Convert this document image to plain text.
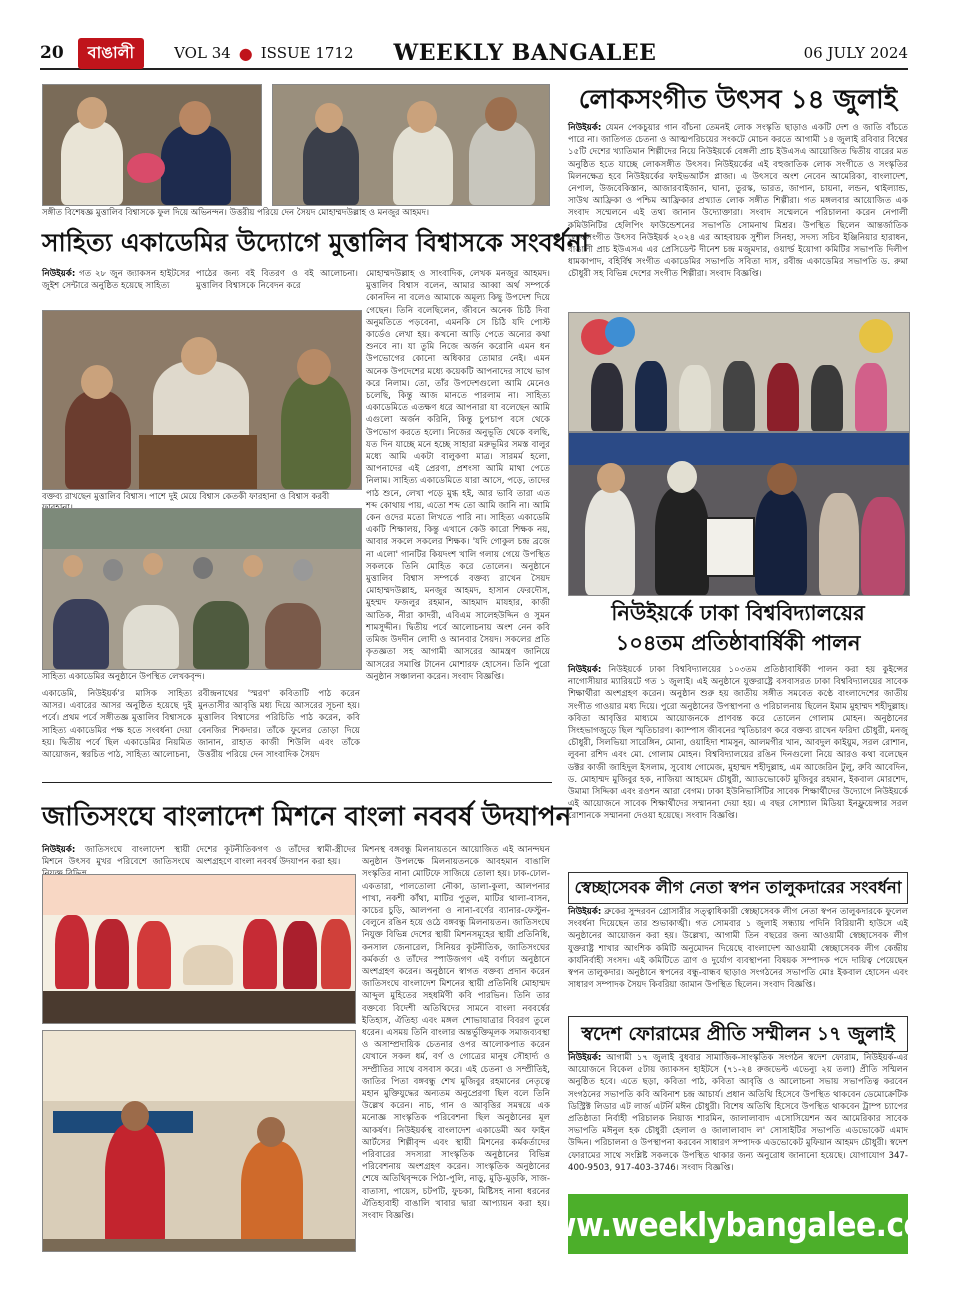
20	বাঙালী	VOL 34 ● ISSUE 1712 WEEKLY BANGALEE	06 JULY 2024
সঙ্গীত বিশেষজ্ঞ মুত্তালিব বিশ্বাসকে ফুল দিয়ে অভিনন্দন। উত্তরীয় পরিয়ে দেন সৈয়দ মোহাম্মদউল্লাহ ও মনজুর আহমদ।
সাহিত্য একাডেমির উদ্যোগে মুত্তালিব বিশ্বাসকে সংবর্ধনা
নিউইয়র্ক: গত ২৮ জুন জ্যাকসন হাইটসের জুইশ সেন্টারে অনুষ্ঠিত হয়েছে সাহিত্য
পাঠের জন্য বই বিতরণ ও বই আলোচনা। মুত্তালিব বিশ্বাসকে নিবেদন করে
বক্তব্য রাখছেন মুত্তালিব বিশ্বাস। পাশে দুই মেয়ে বিশ্বাস কেতকী ফারহানা ও বিশ্বাস করবী
সাহিত্য একাডেমির অনুষ্ঠানে উপস্থিত লেখকবৃন্দ।
মোহাম্মদউল্লাহ ও সাংবাদিক, লেখক মনজুর আহমদ। মুত্তালিব বিশ্বাস বলেন, আমার আব্বা অর্থ সম্পর্কে কোনদিন না বলেও আমাকে অমূল্য কিছু উপদেশ দিয়ে গেছেন। তিনি বলেছিলেন, জীবনে অনেক চিঠি দিবা অনুমতিতে পড়বেনা, এমনকি সে চিঠি যদি পোস্ট কার্ডেও লেখা হয়। কখনো আড়ি পেতে অন্যের কথা শুনবে না। যা তুমি নিজে অর্জন করোনি এমন ধন উপভোগের কোনো অধিকার তোমার নেই। এমন অনেক উপদেশের মধ্যে কয়েকটি আপনাদের সাথে ভাগ করে নিলাম। তো, তাঁর উপদেশগুলো আমি মেনেও চলেছি, কিন্তু আজ মানতে পারলাম না। সাহিত্য একাডেমিতে এতক্ষণ ধরে আপনারা যা বলেছেন আমি এগুলো অর্জন করিনি, কিন্তু চুপচাপ বসে থেকে উপভোগ করতে হলো। নিজের অনুভূতি থেকে বলছি, যত দিন যাচ্ছে মনে হচ্ছে সাহারা মরুভূমির সমস্ত বালুর মধ্যে আমি একটা বালুকণা মাত্র। সারমর্ম হলো, আপনাদের এই প্রেরণা, প্রশংসা আমি মাথা পেতে নিলাম। সাহিত্য একাডেমিতে যারা আসে, পড়ে, তাদের পাঠ শুনে, লেখা পড়ে মুগ্ধ হই, আর ভাবি তারা এত শব্দ কোথায় পায়, এতো শব্দ তো আমি জানি না। আমি কেন ওদের মতো লিখতে পারি না। সাহিত্য একাডেমি একটি শিক্ষালয়, কিন্তু এখানে কেউ কারো শিক্ষক নয়, আবার সকলে সকলের শিক্ষক। 'যদি গোকুল চন্দ্র ব্রজে না এলো' গানটির কিয়দংশ খালি গলায় গেয়ে উপস্থিত সকলকে তিনি মোহিত করে তোলেন। অনুষ্ঠানে মুত্তালিব বিশ্বাস সম্পর্কে বক্তব্য রাখেন সৈয়দ মোহাম্মদউল্লাহ, মনজুর আহমদ, হাসান ফেরদৌস, মুহম্মদ ফজলুর রহমান, আহমাদ মাযহার, কাজী আতিক, নীরা কাদরী, এবিএম সালেহউদ্দিন ও সুমন শামসুদ্দীন। দ্বিতীয় পর্বে আলোচনায় অংশ নেন কবি তমিজ উদদীন লোদী ও আনবার সৈয়দ। সকলের প্রতি কৃতজ্ঞতা সহ আগামী আসরের আমন্ত্রণ জানিয়ে আসরের সমাপ্তি টানেন মোশারফ হোসেন। তিনি পুরো অনুষ্ঠান সঞ্চালনা করেন। সংবাদ বিজ্ঞপ্তি।
একাডেমি, নিউইয়র্ক'র মাসিক সাহিত্য আসর। এবারের আসর অনুষ্ঠিত হয়েছে দুই পর্বে। প্রথম পর্বে সঙ্গীতজ্ঞ মুত্তালিব বিশ্বাসকে সাহিত্য একাডেমির পক্ষ হতে সংবর্ধনা দেয়া হয়। দ্বিতীয় পর্বে ছিল একাডেমির নিয়মিত আয়োজন, স্বরচিত পাঠ, সাহিত্য আলোচনা,
রবীন্দ্রনাথের 'স্মরণ' কবিতাটি পাঠ করেন মুনতাসীর আবৃত্তি মধ্য দিয়ে আসরের সূচনা হয়। মুত্তালিব বিশ্বাসের পরিচিতি পাঠ করেন, কবি বেনজির শিকদার। তাঁকে ফুলের তোড়া দিয়ে জানান, রাহাত কাজী শিউলি এবং তাঁকে উত্তরীয় পরিয়ে দেন সাংবাদিক সৈয়দ
জাতিসংঘে বাংলাদেশ মিশনে বাংলা নববর্ষ উদযাপন
নিউইয়র্ক: জাতিসংঘে বাংলাদেশ স্থায়ী মিশনে উৎসব মুখর পরিবেশে জাতিসংঘে
দেশের কূটনীতিকগণ ও তাঁদের স্বামী-স্ত্রীদের অংশগ্রহণে বাংলা নববর্ষ উদযাপন করা হয়।
মিশনস্থ বঙ্গবন্ধু মিলনায়তনে আয়োজিত এই আনন্দঘন অনুষ্ঠান উপলক্ষে মিলনায়তনকে আবহমান বাঙালি সংস্কৃতির নানা মোটিফে সাজিয়ে তোলা হয়। ঢাক-ঢোল-একতারা, পালতোলা নৌকা, ডালা-কুলা, আলপনার পাখা, নকশী কাঁথা, মাটির পুতুল, মাটির থালা-বাসন, কাচের চুড়ি, আলপনা ও নানা-বর্ণের ব্যানার-ফেস্টুন-বেলুনে রঙিন হয়ে ওঠে বঙ্গবন্ধু মিলনায়তন। জাতিসংঘে নিযুক্ত বিভিন্ন দেশের স্থায়ী মিশনসমূহের স্থায়ী প্রতিনিধি, কনসাল জেনারেল, সিনিয়র কূটনীতিক, জাতিসংঘের কর্মকর্তা ও তাঁদের স্পাউজগণ এই বর্ণাঢ্য অনুষ্ঠানে অংশগ্রহণ করেন। অনুষ্ঠানে স্বাগত বক্তব্য প্রদান করেন জাতিসংঘে বাংলাদেশ মিশনের স্থায়ী প্রতিনিধি মোহাম্মদ আব্দুল মুহিতের সহধর্মিণী কবি পারভিন। তিনি তার বক্তব্যে বিদেশী অতিথিদের সামনে বাংলা নববর্ষের ইতিহাস, ঐতিহ্য এবং মঙ্গল শোভাযাত্রার বিবরণ তুলে ধরেন। এসময় তিনি বাংলার অন্তর্ভুক্তিমূলক সমাজব্যবস্থা ও অসাম্প্রদায়িক চেতনার ওপর আলোকপাত করেন যেখানে সকল ধর্ম, বর্ণ ও গোত্রের মানুষ সৌহার্দ্য ও সম্প্রীতির সাথে বসবাস করে। এই চেতনা ও সম্প্রীতিই, জাতির পিতা বঙ্গবন্ধু শেখ মুজিবুর রহমানের নেতৃত্বে মহান মুক্তিযুদ্ধের অন্যতম অনুপ্রেরণা ছিল বলে তিনি উল্লেখ করেন। নাচ, গান ও আবৃত্তির সমন্বয়ে এক মনোজ্ঞ সাংস্কৃতিক পরিবেশনা ছিল অনুষ্ঠানের মূল আকর্ষণ। নিউইয়র্কস্থ বাংলাদেশ একাডেমী অব ফাইন আর্টসের শিল্পীবৃন্দ এবং স্থায়ী মিশনের কর্মকর্তাদের পরিবারের সদস্যরা সাংস্কৃতিক অনুষ্ঠানের বিভিন্ন পরিবেশনায় অংশগ্রহণ করেন। সাংস্কৃতিক অনুষ্ঠানের শেষে অতিথিবৃন্দকে পিঠা-পুলি, নাড়ু, মুড়ি-মুড়কি, সাজ-বাতাসা, পায়েস, চটপটি, ফুচকা, মিষ্টিসহ নানা ধরনের ঐতিহ্যবাহী বাঙালি খাবার দ্বারা আপ্যায়ন করা হয়। সংবাদ বিজ্ঞপ্তি।
লোকসংগীত উৎসব ১৪ জুলাই
নিউইয়র্ক: যেমন পেকচুয়ার গান বাঁচনা তেমনই লোক সংস্কৃতি ছাড়াও একটি দেশ ও জাতি বাঁচতে পারে না। জাতিগত চেতনা ও আত্মপরিচয়ের সংকটে মোচন করতে আগামী ১৪ জুলাই রবিবার বিশ্বের ১৫টি দেশের খ্যাতিমান শিল্পীদের নিয়ে নিউইয়র্কে বেঙ্গলী প্রাচ ইউএসএ আয়োজিত দ্বিতীয় বারের মত অনুষ্ঠিত হতে যাচ্ছে লোকসঙ্গীত উৎসব। নিউইয়র্কের এই বহুজাতিক লোক সংগীতে ও সংস্কৃতির মিলনক্ষেত্র হবে নিউইয়র্কের ফাইভআর্টস প্লাজা। এ উৎসবে অংশ নেবেন আমেরিকা, বাংলাদেশ, নেপাল, উজবেকিস্তান, আজারবাইজান, ঘানা, তুরস্ক, ভারত, জাপান, চায়না, লন্ডন, থাইল্যান্ড, সাউথ আফ্রিকা ও পশ্চিম আফ্রিকার প্রখ্যাত লোক সঙ্গীত শিল্পীরা। গত মঙ্গলবার আয়োজিত এক সংবাদ সম্মেলনে এই তথ্য জানান উদ্যোক্তারা। সংবাদ সম্মেলনে পরিচালনা করেন নেপালী কমিউনিটির হেলিপিং ফাউন্ডেশনের সভাপতি সোমনাথ মিশ্রর। উপস্থিত ছিলেন আন্তর্জাতিক লোকসংগীত উৎসব নিউইয়র্ক ২০২৪ এর আহবায়ক সুশীল সিনহা, সদস্য সচিব ইঞ্জিনিয়ার হারাধন, বাঙালী প্রাচ ইউএসএ এর প্রেসিডেন্ট দীনেশ চন্দ্র মজুমদার, ওয়ার্ল্ড ইয়োগা কমিটির সভাপতি দিলীপ ধামকাপাদ, বহির্বিশ্ব সংগীত একাডেমির সভাপতি সবিতা দাস, রবীন্দ্র একাডেমির সভাপতি ড. রুমা চৌধুরী সহ বিভিন্ন দেশের সংগীত শিল্পীরা। সংবাদ বিজ্ঞপ্তি।
নিউইয়র্কে ঢাকা বিশ্ববিদ্যালয়ের
১০৪তম প্রতিষ্ঠাবার্ষিকী পালন
নিউইয়র্ক: নিউইয়র্কে ঢাকা বিশ্ববিদ্যালয়ের ১০৩তম প্রতিষ্ঠাবার্ষিকী পালন করা হয় কুইন্সের নাগোসীয়ার ম্যারিয়টে গত ১ জুলাই। এই অনুষ্ঠানে যুক্তরাষ্ট্রে বসবাসরত ঢাকা বিশ্ববিদ্যালয়ের সাবেক শিক্ষার্থীরা অংশগ্রহণ করেন। অনুষ্ঠান শুরু হয় জাতীয় সঙ্গীত সমবেত কণ্ঠে বাংলাদেশের জাতীয় সংগীত গাওয়ার মধ্য দিয়ে। পুরো অনুষ্ঠানের উপস্থাপনা ও পরিচালনায় ছিলেন ইমাম মুহাম্মদ শহীদুল্লাহ। কবিতা আবৃত্তির মাধ্যমে আয়োজনকে প্রাণবন্ত করে তোলেন গোলাম মোহন। অনুষ্ঠানের সিংহভাগজুড়ে ছিল স্মৃতিচারণ। ক্যাম্পাস জীবনের স্মৃতিচারণ করে বক্তব্য রাখেন ফরিদা চৌধুরী, মনজু চৌধুরী, সিলভিয়া সারেঙ্গিন, মোনা, ওয়াহিদা শামসুন, আলমগীর খান, আবদুল কাইয়ুম, সরল রোশান, লুবনা রশিদ এবং মো. গোলাম মোহন। বিশ্ববিদ্যালয়ের রঙিন দিনগুলো নিয়ে আরও কথা বলেছেন ডক্টর কাজী জাহিদুল ইসলাম, সুবোধ গোমেজ, মুহাম্মদ শহীদুল্লাহ, এম আজেরিন টুলু, রুবি আবেদিন, ড. মোহাম্মদ মুজিবুর হক, নাজিয়া আহমেদ চৌধুরী, অ্যাডভোকেট মুজিবুর রহমান, ইকবাল মোরশেদ, উমামা সিদ্দিকা এবং রওশন আরা বেগম। ঢাকা ইউনিভার্সিটির সাবেক শিক্ষার্থীদের উদ্যোগে নিউইয়র্কে এই আয়োজনে সাবেক শিক্ষার্থীদের সম্মাননা দেয়া হয়। এ বছর সোশ্যাল মিডিয়া ইনফ্লুয়েন্সার সরল রোশানকে সম্মাননা দেওয়া হয়েছে। সংবাদ বিজ্ঞপ্তি।
স্বেচ্ছাসেবক লীগ নেতা স্বপন তালুকদারের সংবর্ধনা
নিউইয়র্ক: ব্রুকের সুন্দরবন গ্রোসারীর সত্ত্বাধিকারী স্বেচ্ছাসেবক লীগ নেতা স্বপন তালুকদারকে ফুলেল সংবর্ধনা দিয়েছেন তার শুভাকাঙ্খী। গত সোমবার ১ জুলাই সন্ধ্যায় পদিনি বিরিয়ানী হাউসে এই অনুষ্ঠানের আয়োজন করা হয়। উল্লেখ্য, আগামী তিন বছরের জন্য আওয়ামী স্বেচ্ছাসেবক লীগ যুক্তরাষ্ট্র শাখার আংশিক কমিটি অনুমোদন দিয়েছে বাংলাদেশ আওয়ামী স্বেচ্ছাসেবক লীগ কেন্দ্রীয় কার্যনির্বাহী সংসদ। এই কমিটিতে ত্রাণ ও দুর্যোগ ব্যবস্থাপনা বিষয়ক সম্পাদক পদে দায়িত্ব পেয়েছেন স্বপন তালুকদার। অনুষ্ঠানে স্বপনের বন্ধু-বান্ধব ছাড়াও সংগঠনের সভাপতি মোঃ ইকবাল হোসেন এবং সাধারণ সম্পাদক সৈয়দ কিবরিয়া জামান উপস্থিত ছিলেন। সংবাদ বিজ্ঞপ্তি।
স্বদেশ ফোরামের প্রীতি সম্মীলন ১৭ জুলাই
নিউইয়র্ক: আগামী ১৭ জুলাই বুধবার সামাজিক-সাংস্কৃতিক সংগঠন স্বদেশ ফোরাম, নিউইয়র্ক-এর আয়োজনে বিকেল ৫টায় জ্যাকসন হাইটসে (৭১-২৪ রুজভেল্ট এভেন্যু ২য় তলা) প্রীতি সম্মিলন অনুষ্ঠিত হবে। এতে ছড়া, কবিতা পাঠ, কবিতা আবৃত্তি ও আলোচনা সভায় সভাপতিত্ব করবেন সংগঠনের সভাপতি কবি অবিনাশ চন্দ্র আচার্য। প্রধান অতিথি হিসেবে উপস্থিত থাকবেন ডেমোক্রেটিক ডিস্ট্রিক্ট লিডার এট লার্জ এটর্নি মঈন চৌধুরী। বিশেষ অতিথি হিসেবে উপস্থিত থাকবেন ট্রাম্প চ্যাপের প্রতিষ্ঠাতা নির্বাহী পরিচালক নিয়াজ শারমিন, জালালাবাদ এসোসিয়েশন অব আমেরিকার সাবেক সভাপতি মঈনুল হক চৌধুরী হেলাল ও জালালাবাদ ল' সোসাইটির সভাপতি এডভোকেট এমাদ উদ্দিন। পরিচালনা ও উপস্থাপনা করবেন সাধারণ সম্পাদক এডভোকেট মুফিয়ান আহমদ চৌধুরী। স্বদেশ ফোরামের সাথে সংশ্লিষ্ট সকলকে উপস্থিত থাকার জন্য অনুরোধ জানানো হয়েছে। যোগাযোগ 347-400-9503, 917-403-3746। সংবাদ বিজ্ঞপ্তি।
www.weeklybangalee.com
